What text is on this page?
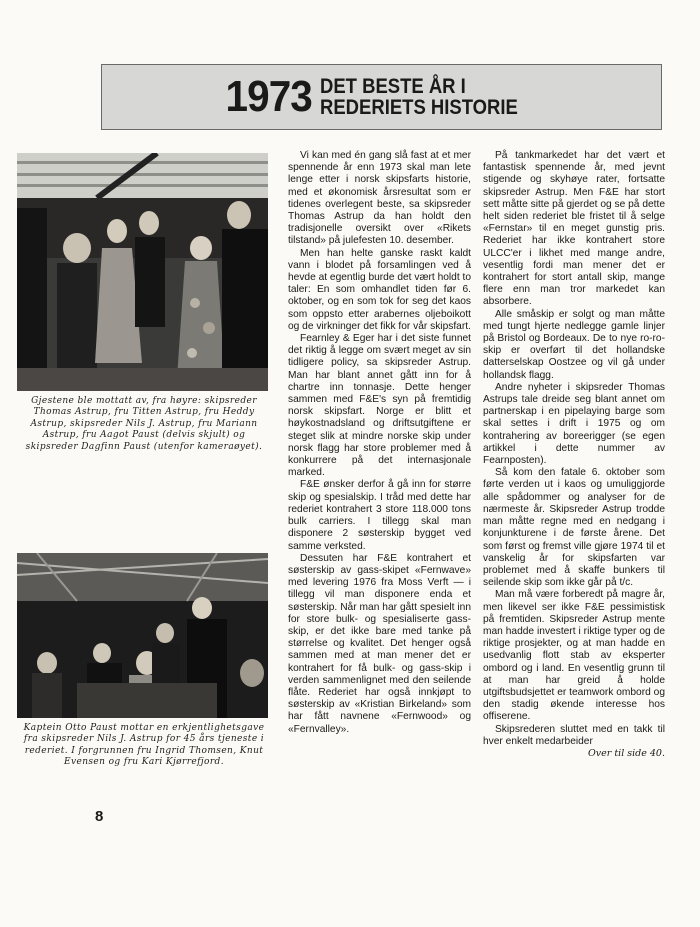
1973 DET BESTE ÅR I
REDERIETS HISTORIE
Gjestene ble mottatt av, fra høyre: skipsreder Thomas Astrup, fru Titten Astrup, fru Heddy Astrup, skipsreder Nils J. Astrup, fru Mariann Astrup, fru Aagot Paust (delvis skjult) og skipsreder Dagfinn Paust (utenfor kameraøyet).
Kaptein Otto Paust mottar en erkjentlighetsgave fra skipsreder Nils J. Astrup for 45 års tjeneste i rederiet. I forgrunnen fru Ingrid Thomsen, Knut Evensen og fru Kari Kjørrefjord.

Vi kan med én gang slå fast at et mer spennende år enn 1973 skal man lete lenge etter i norsk skipsfarts historie, med et økonomisk årsresultat som er tidenes overlegent beste, sa skipsreder Thomas Astrup da han holdt den tradisjonelle oversikt over «Rikets tilstand» på julefesten 10. desember.

Men han helte ganske raskt kaldt vann i blodet på forsamlingen ved å hevde at egentlig burde det vært holdt to taler: En som omhandlet tiden før 6. oktober, og en som tok for seg det kaos som oppsto etter arabernes oljeboikott og de virkninger det fikk for vår skipsfart.

Fearnley & Eger har i det siste funnet det riktig å legge om svært meget av sin tidligere policy, sa skipsreder Astrup. Man har blant annet gått inn for å chartre inn tonnasje. Dette henger sammen med F&E's syn på fremtidig norsk skipsfart. Norge er blitt et høykostnadsland og driftsutgiftene er steget slik at mindre norske skip under norsk flagg har store problemer med å konkurrere på det internasjonale marked.

F&E ønsker derfor å gå inn for større skip og spesialskip. I tråd med dette har rederiet kontrahert 3 store 118.000 tons bulk carriers. I tillegg skal man disponere 2 søsterskip bygget ved samme verksted.

Dessuten har F&E kontrahert et søsterskip av gass-skipet «Fernwave» med levering 1976 fra Moss Verft — i tillegg vil man disponere enda et søsterskip. Når man har gått spesielt inn for store bulk- og spesialiserte gass-skip, er det ikke bare med tanke på størrelse og kvalitet. Det henger også sammen med at man mener det er kontrahert for få bulk- og gass-skip i verden sammenlignet med den seilende flåte. Rederiet har også innkjøpt to søsterskip av «Kristian Birkeland» som har fått navnene «Fernwood» og «Fernvalley».

På tankmarkedet har det vært et fantastisk spennende år, med jevnt stigende og skyhøye rater, fortsatte skipsreder Astrup. Men F&E har stort sett måtte sitte på gjerdet og se på dette helt siden rederiet ble fristet til å selge «Fernstar» til en meget gunstig pris. Rederiet har ikke kontrahert store ULCC'er i likhet med mange andre, vesentlig fordi man mener det er kontrahert for stort antall skip, mange flere enn man tror markedet kan absorbere.

Alle småskip er solgt og man måtte med tungt hjerte nedlegge gamle linjer på Bristol og Bordeaux. De to nye ro-ro-skip er overført til det hollandske datterselskap Oostzee og vil gå under hollandsk flagg.

Andre nyheter i skipsreder Thomas Astrups tale dreide seg blant annet om partnerskap i en pipelaying barge som skal settes i drift i 1975 og om kontrahering av boreerigger (se egen artikkel i dette nummer av Fearnposten).

Så kom den fatale 6. oktober som førte verden ut i kaos og umuliggjorde alle spådommer og analyser for de nærmeste år. Skipsreder Astrup trodde man måtte regne med en nedgang i konjunkturene i de første årene. Det som først og fremst ville gjøre 1974 til et vanskelig år for skipsfarten var problemet med å skaffe bunkers til seilende skip som ikke går på t/c.

Man må være forberedt på magre år, men likevel ser ikke F&E pessimistisk på fremtiden. Skipsreder Astrup mente man hadde investert i riktige typer og de riktige prosjekter, og at man hadde en usedvanlig flott stab av eksperter ombord og i land. En vesentlig grunn til at man har greid å holde utgiftsbudsjettet er teamwork ombord og den stadig økende interesse hos offiserene.

Skipsrederen sluttet med en takk til hver enkelt medarbeider

Over til side 40.

8
